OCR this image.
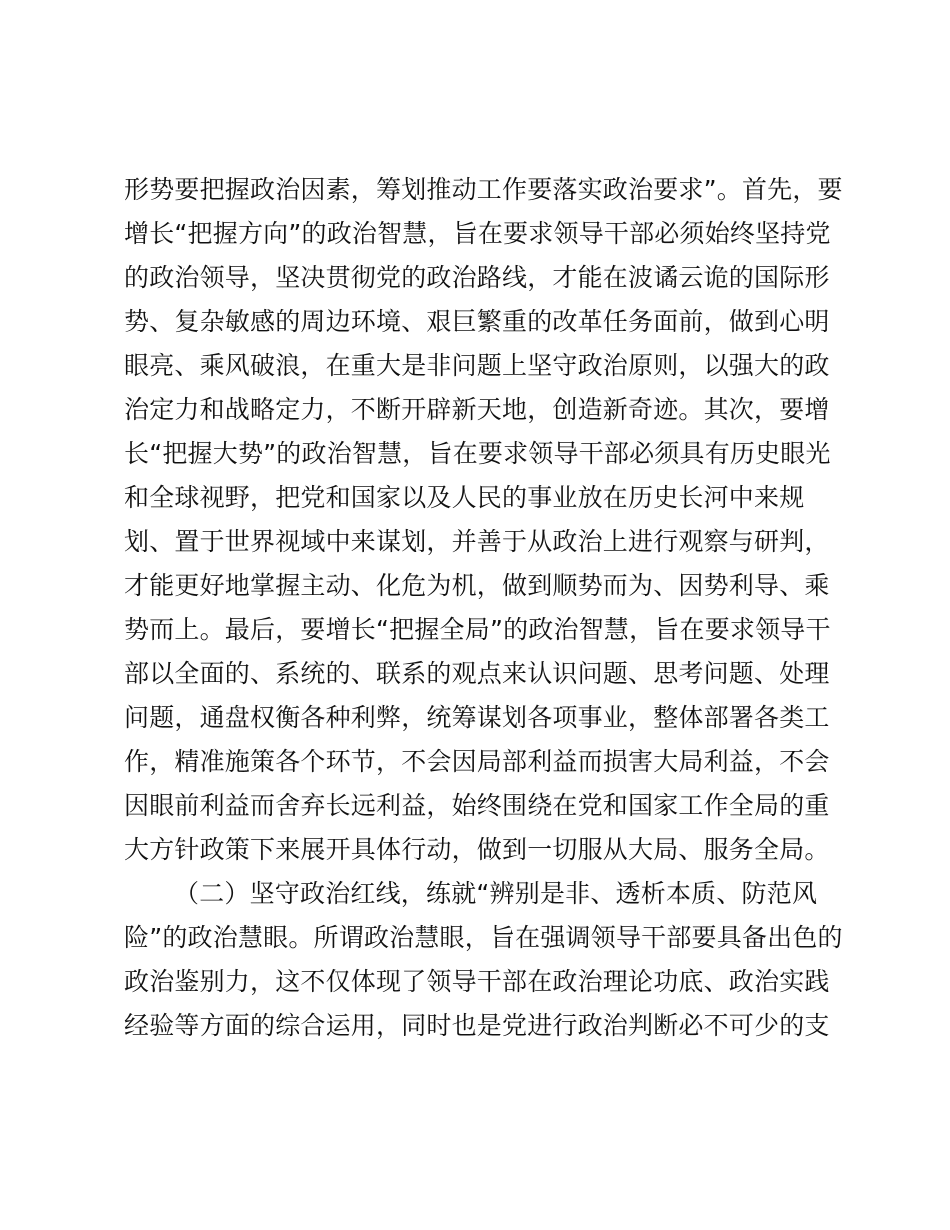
形势要把握政治因素，筹划推动工作要落实政治要求”。首先，要
增长“把握方向”的政治智慧，旨在要求领导干部必须始终坚持党
的政治领导，坚决贯彻党的政治路线，才能在波谲云诡的国际形
势、复杂敏感的周边环境、艰巨繁重的改革任务面前，做到心明
眼亮、乘风破浪，在重大是非问题上坚守政治原则，以强大的政
治定力和战略定力，不断开辟新天地，创造新奇迹。其次，要增
长“把握大势”的政治智慧，旨在要求领导干部必须具有历史眼光
和全球视野，把党和国家以及人民的事业放在历史长河中来规
划、置于世界视域中来谋划，并善于从政治上进行观察与研判，
才能更好地掌握主动、化危为机，做到顺势而为、因势利导、乘
势而上。最后，要增长“把握全局”的政治智慧，旨在要求领导干
部以全面的、系统的、联系的观点来认识问题、思考问题、处理
问题，通盘权衡各种利弊，统筹谋划各项事业，整体部署各类工
作，精准施策各个环节，不会因局部利益而损害大局利益，不会
因眼前利益而舍弃长远利益，始终围绕在党和国家工作全局的重
大方针政策下来展开具体行动，做到一切服从大局、服务全局。
（二）坚守政治红线，练就“辨别是非、透析本质、防范风
险”的政治慧眼。所谓政治慧眼，旨在强调领导干部要具备出色的
政治鉴别力，这不仅体现了领导干部在政治理论功底、政治实践
经验等方面的综合运用，同时也是党进行政治判断必不可少的支
